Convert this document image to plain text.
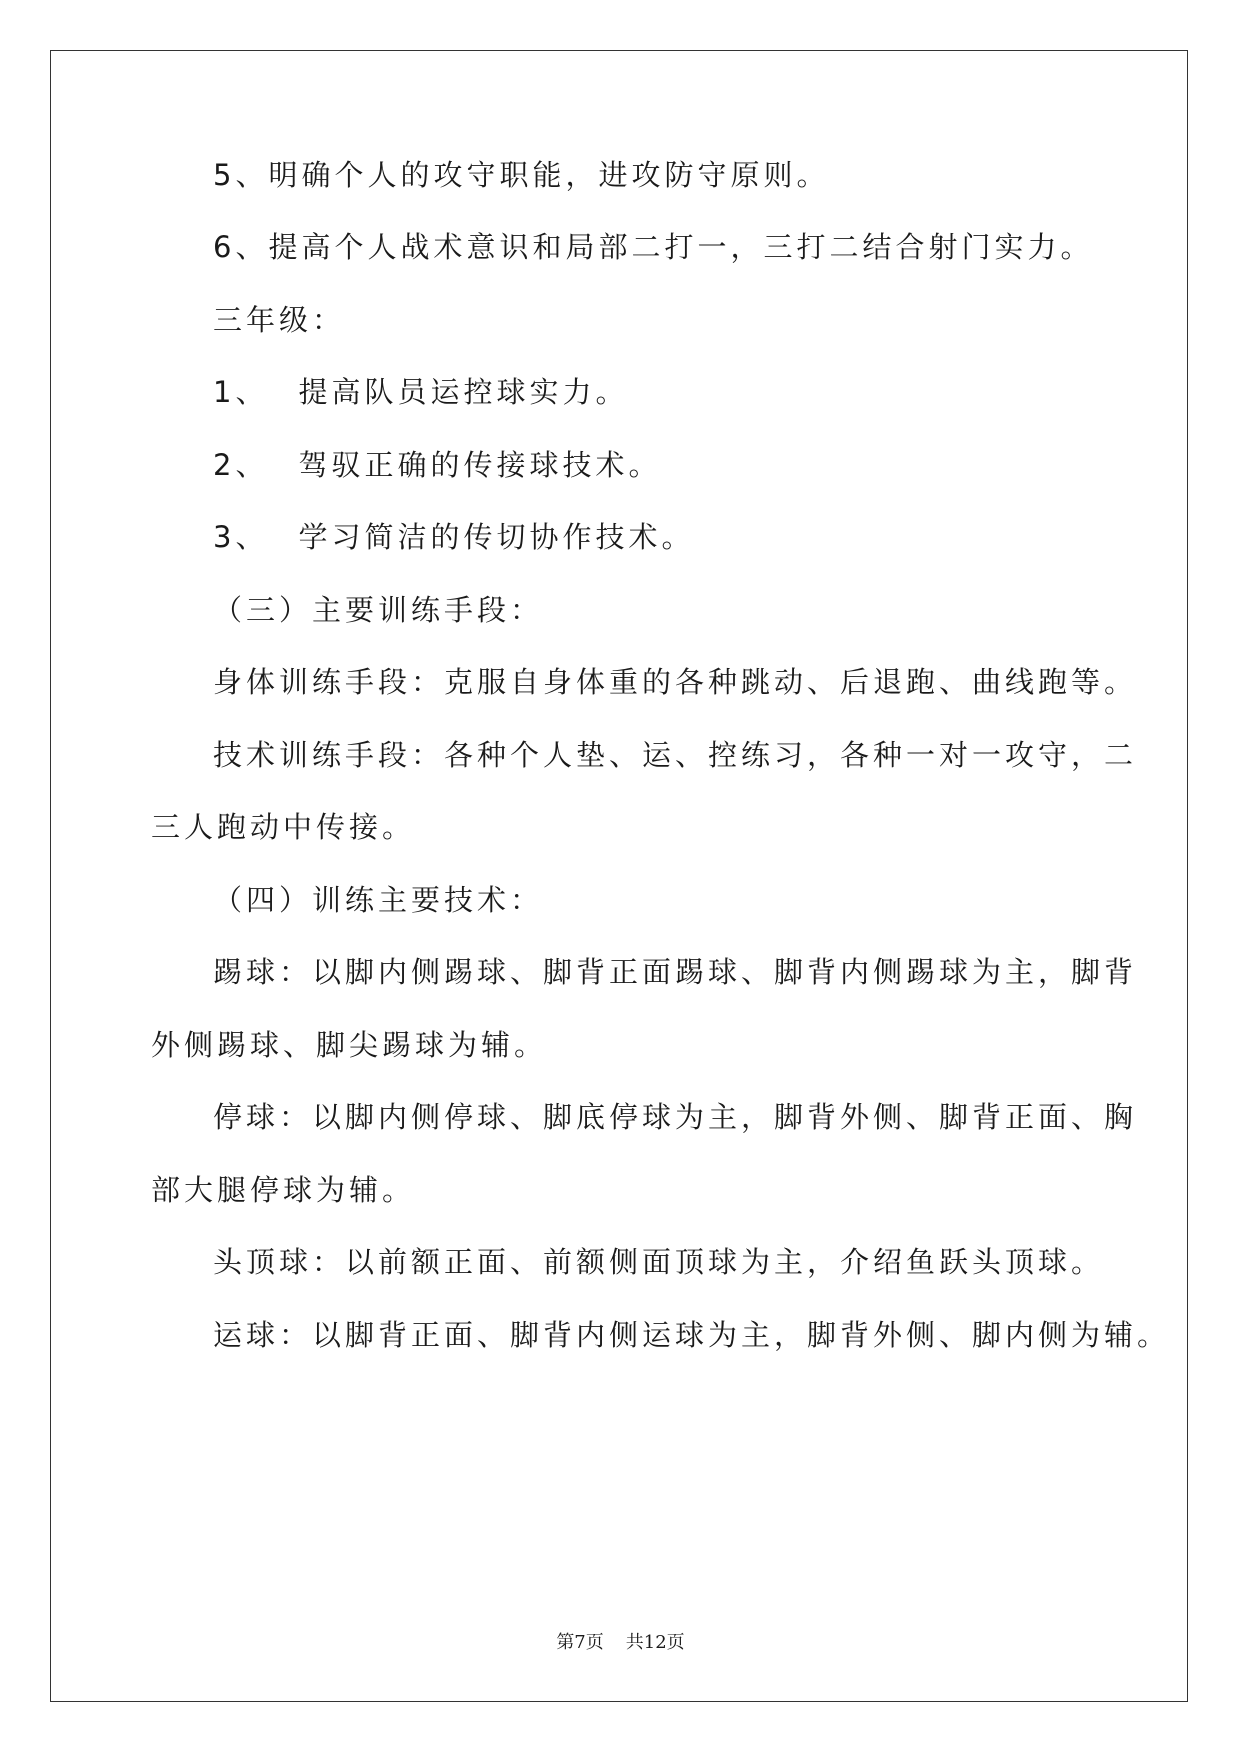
5、明确个人的攻守职能，进攻防守原则。
6、提高个人战术意识和局部二打一，三打二结合射门实力。
三年级：
1、 提高队员运控球实力。
2、 驾驭正确的传接球技术。
3、 学习简洁的传切协作技术。
（三）主要训练手段：
身体训练手段：克服自身体重的各种跳动、后退跑、曲线跑等。
技术训练手段：各种个人垫、运、控练习，各种一对一攻守，二
三人跑动中传接。
（四）训练主要技术：
踢球：以脚内侧踢球、脚背正面踢球、脚背内侧踢球为主，脚背
外侧踢球、脚尖踢球为辅。
停球：以脚内侧停球、脚底停球为主，脚背外侧、脚背正面、胸
部大腿停球为辅。
头顶球：以前额正面、前额侧面顶球为主，介绍鱼跃头顶球。
运球：以脚背正面、脚背内侧运球为主，脚背外侧、脚内侧为辅。
第7页 共12页
